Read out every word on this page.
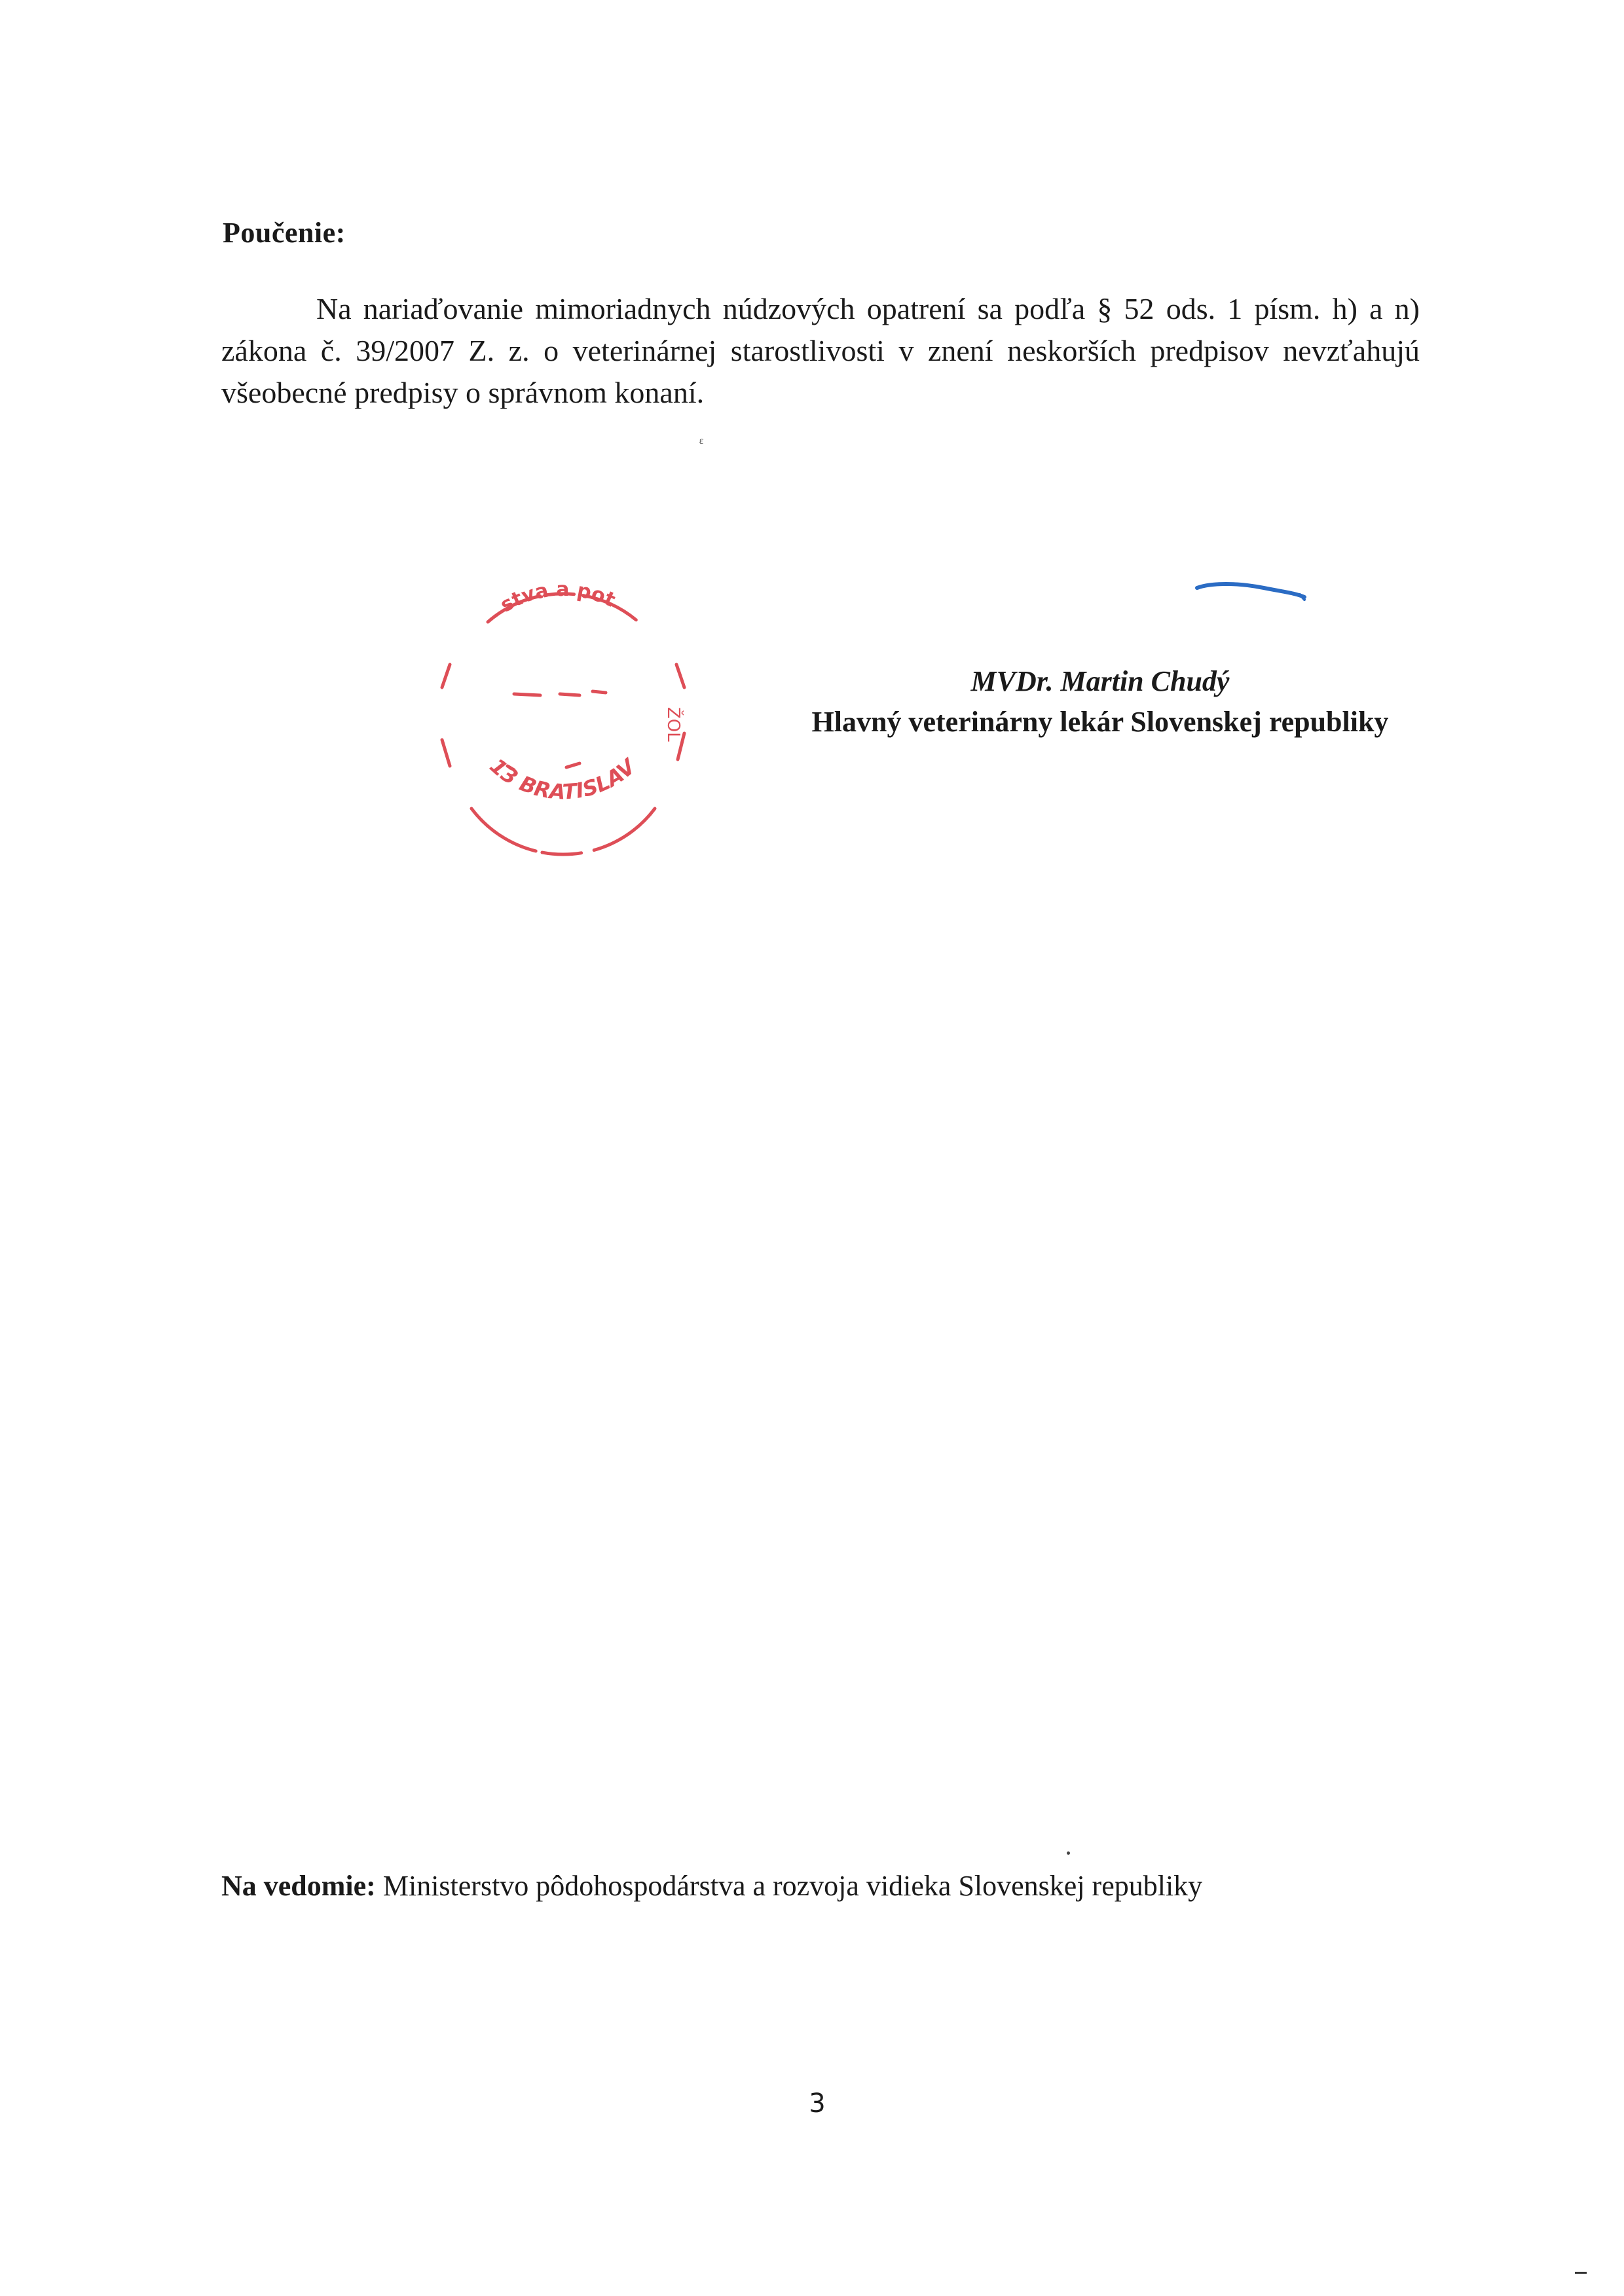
Poučenie:
Na nariaďovanie mimoriadnych núdzových opatrení sa podľa § 52 ods. 1 písm. h) a n)
zákona č. 39/2007 Z. z. o veterinárnej starostlivosti v znení neskorších predpisov nevzťahujú
všeobecné predpisy o správnom konaní.
ᵋ
stva a pot
13 BRATISLAV
ŽOL
MVDr. Martin Chudý
Hlavný veterinárny lekár Slovenskej republiky
Na vedomie: Ministerstvo pôdohospodárstva a rozvoja vidieka Slovenskej republiky
3
